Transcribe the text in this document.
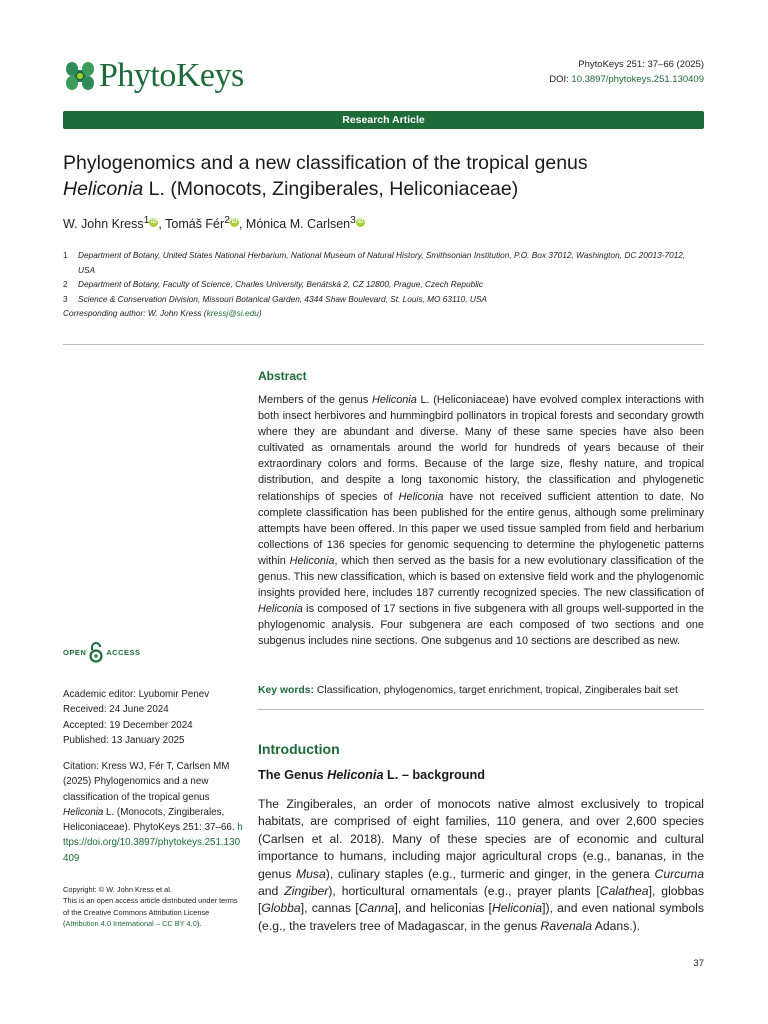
PhytoKeys	PhytoKeys 251: 37–66 (2025)
DOI: 10.3897/phytokeys.251.130409
Research Article
Phylogenomics and a new classification of the tropical genus
Heliconia L. (Monocots, Zingiberales, Heliconiaceae)
W. John Kress$^1$ iD , Tomáš Fér$^2$ iD , Mónica M. Carlsen$^3$ iD
1	Department of Botany, United States National Herbarium, National Museum of Natural History, Smithsonian Institution, P.O. Box 37012, Washington, DC 20013-7012, USA
2	Department of Botany, Faculty of Science, Charles University, Benátská 2, CZ 12800, Prague, Czech Republic
3	Science & Conservation Division, Missouri Botanical Garden, 4344 Shaw Boulevard, St. Louis, MO 63110, USA
Corresponding author: W. John Kress (kressj@si.edu)
Abstract
Members of the genus Heliconia L. (Heliconiaceae) have evolved complex interactions with both insect herbivores and hummingbird pollinators in tropical forests and secondary growth where they are abundant and diverse. Many of these same species have also been cultivated as ornamentals around the world for hundreds of years because of their extraordinary colors and forms. Because of the large size, fleshy nature, and tropical distribution, and despite a long taxonomic history, the classification and phylogenetic relationships of species of Heliconia have not received sufficient attention to date. No complete classification has been published for the entire genus, although some preliminary attempts have been offered. In this paper we used tissue sampled from field and herbarium collections of 136 species for genomic sequencing to determine the phylogenetic patterns within Heliconia, which then served as the basis for a new evolutionary classification of the genus. This new classification, which is based on extensive field work and the phylogenomic insights provided here, includes 187 currently recognized species. The new classification of Heliconia is composed of 17 sections in five subgenera with all groups well-supported in the phylogenomic analysis. Four subgenera are each composed of two sections and one subgenus includes nine sections. One subgenus and 10 sections are described as new.
OPEN	ACCESS
Key words: Classification, phylogenomics, target enrichment, tropical, Zingiberales bait set
Academic editor: Lyubomir Penev
Received: 24 June 2024
Accepted: 19 December 2024
Published: 13 January 2025
Citation: Kress WJ, Fér T, Carlsen MM (2025) Phylogenomics and a new classification of the tropical genus Heliconia L. (Monocots, Zingiberales, Heliconiaceae). PhytoKeys 251: 37–66. https://doi.org/10.3897/phytokeys.251.130409
Copyright: © W. John Kress et al.
This is an open access article distributed under terms of the Creative Commons Attribution License (Attribution 4.0 International – CC BY 4.0).
Introduction
The Genus Heliconia L. – background
The Zingiberales, an order of monocots native almost exclusively to tropical habitats, are comprised of eight families, 110 genera, and over 2,600 species (Carlsen et al. 2018). Many of these species are of economic and cultural importance to humans, including major agricultural crops (e.g., bananas, in the genus Musa), culinary staples (e.g., turmeric and ginger, in the genera Curcuma and Zingiber), horticultural ornamentals (e.g., prayer plants [Calathea], globbas [Globba], cannas [Canna], and heliconias [Heliconia]), and even national symbols (e.g., the travelers tree of Madagascar, in the genus Ravenala Adans.).
37
